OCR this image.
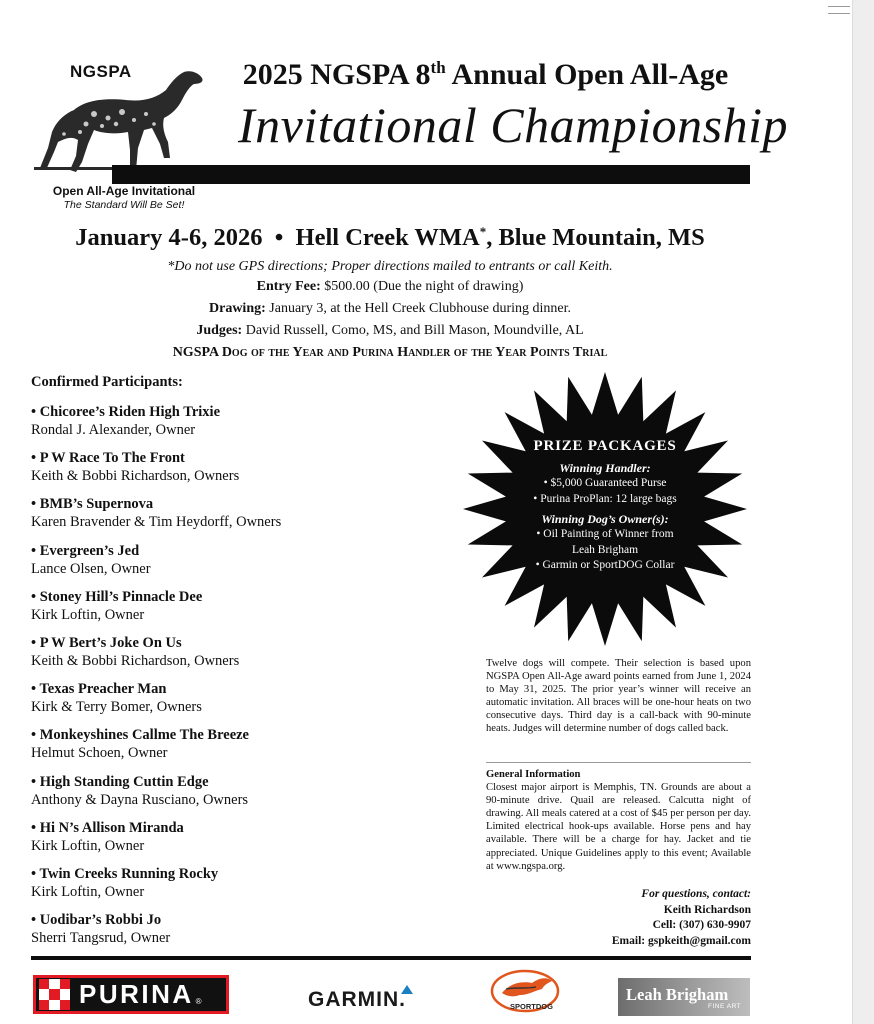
NGSPA	2025 NGSPA 8th Annual Open All-Age
Invitational Championship
Open All-Age Invitational
The Standard Will Be Set!
January 4-6, 2026 • Hell Creek WMA*, Blue Mountain, MS
*Do not use GPS directions; Proper directions mailed to entrants or call Keith.
Entry Fee: $500.00 (Due the night of drawing)
Drawing: January 3, at the Hell Creek Clubhouse during dinner.
Judges: David Russell, Como, MS, and Bill Mason, Moundville, AL
NGSPA Dog of the Year and Purina Handler of the Year Points Trial
Confirmed Participants:
• Chicoree’s Riden High Trixie
Rondal J. Alexander, Owner
• P W Race To The Front
Keith & Bobbi Richardson, Owners
• BMB’s Supernova
Karen Bravender & Tim Heydorff, Owners
• Evergreen’s Jed
Lance Olsen, Owner
• Stoney Hill’s Pinnacle Dee
Kirk Loftin, Owner
• P W Bert’s Joke On Us
Keith & Bobbi Richardson, Owners
• Texas Preacher Man
Kirk & Terry Bomer, Owners
• Monkeyshines Callme The Breeze
Helmut Schoen, Owner
• High Standing Cuttin Edge
Anthony & Dayna Rusciano, Owners
• Hi N’s Allison Miranda
Kirk Loftin, Owner
• Twin Creeks Running Rocky
Kirk Loftin, Owner
• Uodibar’s Robbi Jo
Sherri Tangsrud, Owner
PRIZE PACKAGES
Winning Handler:
• $5,000 Guaranteed Purse
• Purina ProPlan: 12 large bags
Winning Dog’s Owner(s):
• Oil Painting of Winner from
Leah Brigham
• Garmin or SportDOG Collar
Twelve dogs will compete. Their selection is based upon NGSPA Open All-Age award points earned from June 1, 2024 to May 31, 2025. The prior year’s winner will receive an automatic invitation. All braces will be one-hour heats on two consecutive days. Third day is a call-back with 90-minute heats. Judges will determine number of dogs called back.
General Information
Closest major airport is Memphis, TN. Grounds are about a 90-minute drive. Quail are released. Calcutta night of drawing. All meals catered at a cost of $45 per person per day. Limited electrical hook-ups available. Horse pens and hay available. There will be a charge for hay. Jacket and tie appreciated. Unique Guidelines apply to this event; Available at www.ngspa.org.
For questions, contact:
Keith Richardson
Cell: (307) 630-9907
Email: gspkeith@gmail.com
PURINA ®	GARMIN.	SPORTDOG
Leah Brigham
FINE ART
